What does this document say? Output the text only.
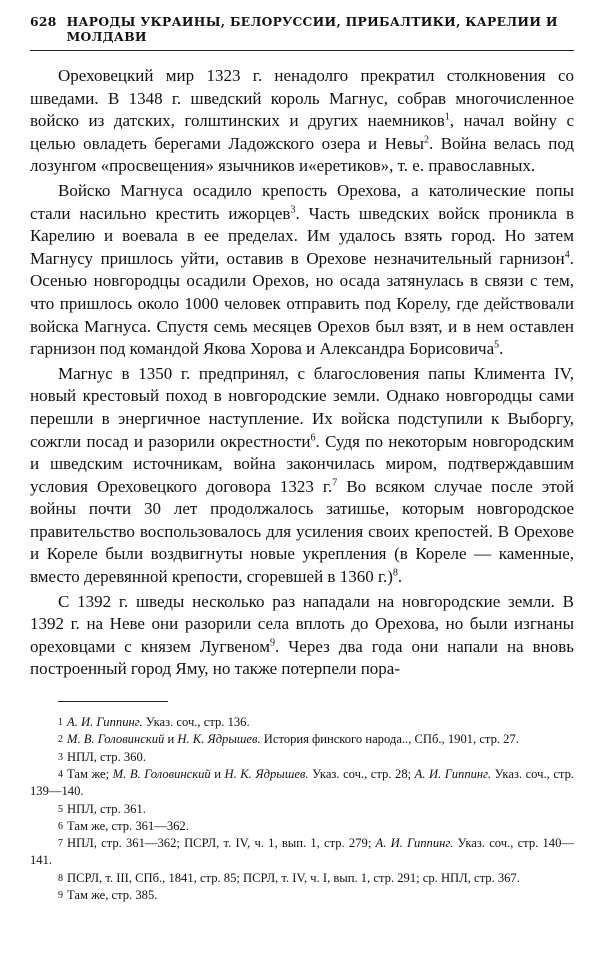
628 НАРОДЫ УКРАИНЫ, БЕЛОРУССИИ, ПРИБАЛТИКИ, КАРЕЛИИ И МОЛДАВИ

Ореховецкий мир 1323 г. ненадолго прекратил столкновения со шведами. В 1348 г. шведский король Магнус, собрав многочисленное войско из датских, голштинских и других наемников$^1$, начал войну с целью овладеть берегами Ладожского озера и Невы$^2$. Война велась под лозунгом «просвещения» язычников и«еретиков», т. е. православных.

Войско Магнуса осадило крепость Орехова, а католические попы стали насильно крестить ижорцев$^3$. Часть шведских войск проникла в Карелию и воевала в ее пределах. Им удалось взять город. Но затем Магнусу пришлось уйти, оставив в Орехове незначительный гарнизон$^4$. Осенью новгородцы осадили Орехов, но осада затянулась в связи с тем, что пришлось около 1000 человек отправить под Корелу, где действовали войска Магнуса. Спустя семь месяцев Орехов был взят, и в нем оставлен гарнизон под командой Якова Хорова и Александра Борисовича$^5$.

Магнус в 1350 г. предпринял, с благословения папы Климента IV, новый крестовый поход в новгородские земли. Однако новгородцы сами перешли в энергичное наступление. Их войска подступили к Выборгу, сожгли посад и разорили окрестности$^6$. Судя по некоторым новгородским и шведским источникам, война закончилась миром, подтверждавшим условия Ореховецкого договора 1323 г.$^7$ Во всяком случае после этой войны почти 30 лет продолжалось затишье, которым новгородское правительство воспользовалось для усиления своих крепостей. В Орехове и Кореле были воздвигнуты новые укрепления (в Кореле — каменные, вместо деревянной крепости, сгоревшей в 1360 г.)$^8$.

С 1392 г. шведы несколько раз нападали на новгородские земли. В 1392 г. на Неве они разорили села вплоть до Орехова, но были изгнаны ореховцами с князем Лугвеном$^9$. Через два года они напали на вновь построенный город Яму, но также потерпели пора-

1 А. И. Гиппинг. Указ. соч., стр. 136.

2 М. В. Головинский и Н. К. Ядрышев. История финского народа.., СПб., 1901, стр. 27.

3 НПЛ, стр. 360.

4 Там же; М. В. Головинский и Н. К. Ядрышев. Указ. соч., стр. 28; А. И. Гиппинг. Указ. соч., стр. 139—140.

5 НПЛ, стр. 361.

6 Там же, стр. 361—362.

7 НПЛ, стр. 361—362; ПСРЛ, т. IV, ч. 1, вып. 1, стр. 279; А. И. Гиппинг. Указ. соч., стр. 140—141.

8 ПСРЛ, т. III, СПб., 1841, стр. 85; ПСРЛ, т. IV, ч. I, вып. 1, стр. 291; ср. НПЛ, стр. 367.

9 Там же, стр. 385.
